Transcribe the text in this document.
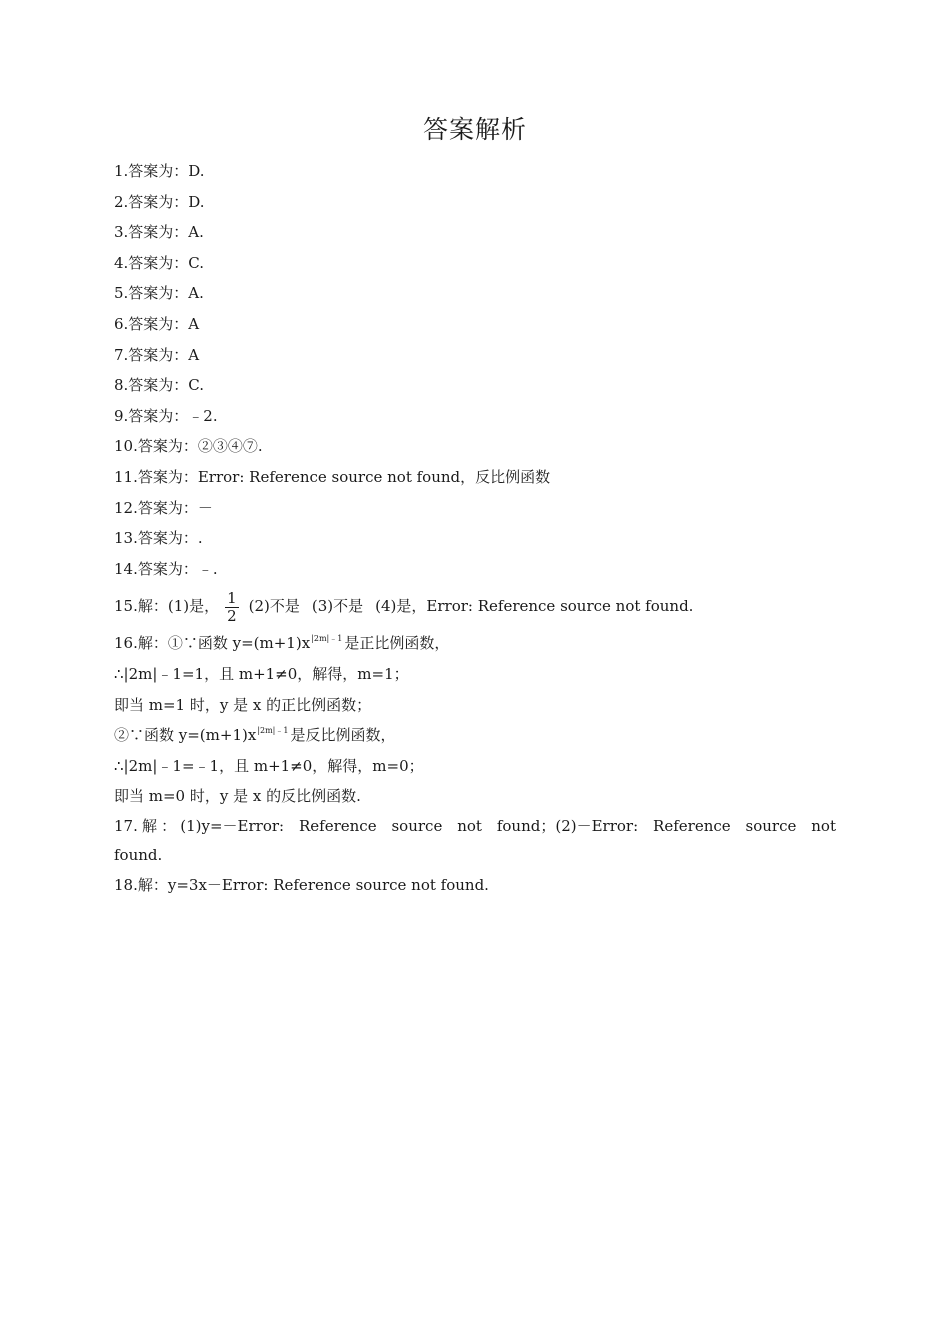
答案解析
1.答案为：D.
2.答案为：D.
3.答案为：A.
4.答案为：C.
5.答案为：A.
6.答案为：A
7.答案为：A
8.答案为：C.
9.答案为：﹣2.
10.答案为：②③④⑦.
11.答案为：Error: Reference source not found，反比例函数
12.答案为：－
13.答案为：.
14.答案为：﹣.
15.解：(1)是， $\frac{1}{2} (2)$不是 (3)不是 (4)是，Error: Reference source not found.
16.解：①∵函数 $y=(m+1)x^{|2m|﹣1}$ 是正比例函数，
∴|2m|﹣1=1，且 m+1≠0，解得，m=1；
即当 m=1 时，y 是 x 的正比例函数；
②∵函数 $y=(m+1)x^{|2m|﹣1}$ 是反比例函数，
∴|2m|﹣1=﹣1，且 m+1≠0，解得，m=0；
即当 m=0 时，y 是 x 的反比例函数.
17.解：(1)y=－Error: Reference source not found；(2)－Error: Reference source not found.
18.解：y=3x－Error: Reference source not found.
